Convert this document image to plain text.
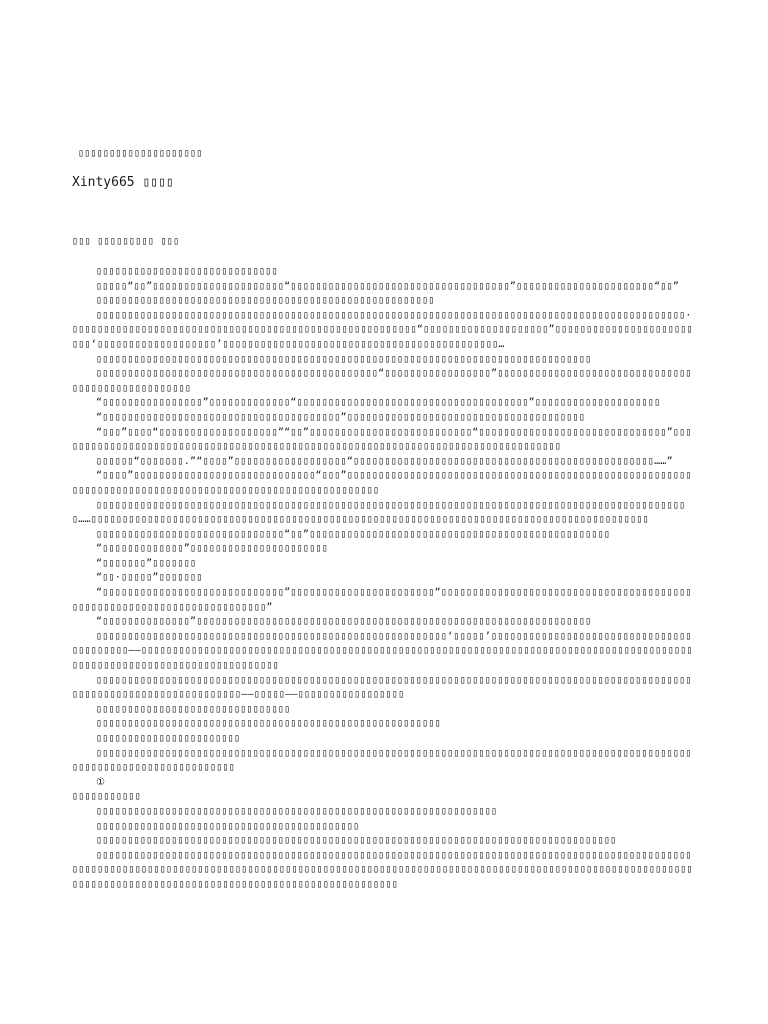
▯▯▯▯▯▯▯▯▯▯▯▯▯▯▯▯▯▯▯▯
Xinty665 ▯▯▯▯
▯▯▯ ▯▯▯▯▯▯▯▯▯ ▯▯▯

▯▯▯▯▯▯▯▯▯▯▯▯▯▯▯▯▯▯▯▯▯▯▯▯▯▯▯▯▯

▯▯▯▯▯“▯▯”▯▯▯▯▯▯▯▯▯▯▯▯▯▯▯▯▯▯▯▯▯“▯▯▯▯▯▯▯▯▯▯▯▯▯▯▯▯▯▯▯▯▯▯▯▯▯▯▯▯▯▯▯▯▯▯▯”▯▯▯▯▯▯▯▯▯▯▯▯▯▯▯▯▯▯▯▯▯▯“▯▯”

▯▯▯▯▯▯▯▯▯▯▯▯▯▯▯▯▯▯▯▯▯▯▯▯▯▯▯▯▯▯▯▯▯▯▯▯▯▯▯▯▯▯▯▯▯▯▯▯▯▯▯▯▯▯

▯▯▯▯▯▯▯▯▯▯▯▯▯▯▯▯▯▯▯▯▯▯▯▯▯▯▯▯▯▯▯▯▯▯▯▯▯▯▯▯▯▯▯▯▯▯▯▯▯▯▯▯▯▯▯▯▯▯▯▯▯▯▯▯▯▯▯▯▯▯▯▯▯▯▯▯▯▯▯▯▯▯▯▯▯▯▯▯▯▯▯▯▯▯·▯▯▯▯▯▯▯▯▯▯▯▯▯▯▯▯▯▯▯▯▯▯▯▯▯▯▯▯▯▯▯▯▯▯▯▯▯▯▯▯▯▯▯▯▯▯▯▯▯▯▯▯▯▯▯“▯▯▯▯▯▯▯▯▯▯▯▯▯▯▯▯▯▯▯▯”▯▯▯▯▯▯▯▯▯▯▯▯▯▯▯▯▯▯▯▯▯▯▯▯▯‘▯▯▯▯▯▯▯▯▯▯▯▯▯▯▯▯▯▯▯’▯▯▯▯▯▯▯▯▯▯▯▯▯▯▯▯▯▯▯▯▯▯▯▯▯▯▯▯▯▯▯▯▯▯▯▯▯▯▯▯▯▯▯▯…

▯▯▯▯▯▯▯▯▯▯▯▯▯▯▯▯▯▯▯▯▯▯▯▯▯▯▯▯▯▯▯▯▯▯▯▯▯▯▯▯▯▯▯▯▯▯▯▯▯▯▯▯▯▯▯▯▯▯▯▯▯▯▯▯▯▯▯▯▯▯▯▯▯▯▯▯▯▯▯

▯▯▯▯▯▯▯▯▯▯▯▯▯▯▯▯▯▯▯▯▯▯▯▯▯▯▯▯▯▯▯▯▯▯▯▯▯▯▯▯▯▯▯▯▯“▯▯▯▯▯▯▯▯▯▯▯▯▯▯▯▯▯”▯▯▯▯▯▯▯▯▯▯▯▯▯▯▯▯▯▯▯▯▯▯▯▯▯▯▯▯▯▯▯▯▯▯▯▯▯▯▯▯▯▯▯▯▯▯▯▯▯▯

“▯▯▯▯▯▯▯▯▯▯▯▯▯▯▯▯”▯▯▯▯▯▯▯▯▯▯▯▯▯“▯▯▯▯▯▯▯▯▯▯▯▯▯▯▯▯▯▯▯▯▯▯▯▯▯▯▯▯▯▯▯▯▯▯▯▯▯”▯▯▯▯▯▯▯▯▯▯▯▯▯▯▯▯▯▯▯▯

“▯▯▯▯▯▯▯▯▯▯▯▯▯▯▯▯▯▯▯▯▯▯▯▯▯▯▯▯▯▯▯▯▯▯▯▯▯▯”▯▯▯▯▯▯▯▯▯▯▯▯▯▯▯▯▯▯▯▯▯▯▯▯▯▯▯▯▯▯▯▯▯▯▯▯▯▯

“▯▯▯”▯▯▯▯“▯▯▯▯▯▯▯▯▯▯▯▯▯▯▯▯▯▯▯”“▯▯”▯▯▯▯▯▯▯▯▯▯▯▯▯▯▯▯▯▯▯▯▯▯▯▯▯▯“▯▯▯▯▯▯▯▯▯▯▯▯▯▯▯▯▯▯▯▯▯▯▯▯▯▯▯▯▯▯”▯▯▯▯▯▯▯▯▯▯▯▯▯▯▯▯▯▯▯▯▯▯▯▯▯▯▯▯▯▯▯▯▯▯▯▯▯▯▯▯▯▯▯▯▯▯▯▯▯▯▯▯▯▯▯▯▯▯▯▯▯▯▯▯▯▯▯▯▯▯▯▯▯▯▯▯▯▯▯▯▯

▯▯▯▯▯▯“▯▯▯▯▯▯▯.”“▯▯▯▯”▯▯▯▯▯▯▯▯▯▯▯▯▯▯▯▯▯▯“▯▯▯▯▯▯▯▯▯▯▯▯▯▯▯▯▯▯▯▯▯▯▯▯▯▯▯▯▯▯▯▯▯▯▯▯▯▯▯▯▯▯▯▯▯▯▯▯……”

“▯▯▯▯”▯▯▯▯▯▯▯▯▯▯▯▯▯▯▯▯▯▯▯▯▯▯▯▯▯▯▯▯▯“▯▯▯”▯▯▯▯▯▯▯▯▯▯▯▯▯▯▯▯▯▯▯▯▯▯▯▯▯▯▯▯▯▯▯▯▯▯▯▯▯▯▯▯▯▯▯▯▯▯▯▯▯▯▯▯▯▯▯▯▯▯▯▯▯▯▯▯▯▯▯▯▯▯▯▯▯▯▯▯▯▯▯▯▯▯▯▯▯▯▯▯▯▯▯▯▯▯▯▯▯▯▯▯▯▯▯▯

▯▯▯▯▯▯▯▯▯▯▯▯▯▯▯▯▯▯▯▯▯▯▯▯▯▯▯▯▯▯▯▯▯▯▯▯▯▯▯▯▯▯▯▯▯▯▯▯▯▯▯▯▯▯▯▯▯▯▯▯▯▯▯▯▯▯▯▯▯▯▯▯▯▯▯▯▯▯▯▯▯▯▯▯▯▯▯▯▯▯▯▯▯▯▯……▯▯▯▯▯▯▯▯▯▯▯▯▯▯▯▯▯▯▯▯▯▯▯▯▯▯▯▯▯▯▯▯▯▯▯▯▯▯▯▯▯▯▯▯▯▯▯▯▯▯▯▯▯▯▯▯▯▯▯▯▯▯▯▯▯▯▯▯▯▯▯▯▯▯▯▯▯▯▯▯▯▯▯▯▯▯▯▯▯

▯▯▯▯▯▯▯▯▯▯▯▯▯▯▯▯▯▯▯▯▯▯▯▯▯▯▯▯▯▯“▯▯”▯▯▯▯▯▯▯▯▯▯▯▯▯▯▯▯▯▯▯▯▯▯▯▯▯▯▯▯▯▯▯▯▯▯▯▯▯▯▯▯▯▯▯▯▯▯▯▯

“▯▯▯▯▯▯▯▯▯▯▯▯▯”▯▯▯▯▯▯▯▯▯▯▯▯▯▯▯▯▯▯▯▯▯▯

“▯▯▯▯▯▯▯”▯▯▯▯▯▯▯

“▯▯·▯▯▯▯▯”▯▯▯▯▯▯▯

“▯▯▯▯▯▯▯▯▯▯▯▯▯▯▯▯▯▯▯▯▯▯▯▯▯▯▯▯▯”▯▯▯▯▯▯▯▯▯▯▯▯▯▯▯▯▯▯▯▯▯▯▯“▯▯▯▯▯▯▯▯▯▯▯▯▯▯▯▯▯▯▯▯▯▯▯▯▯▯▯▯▯▯▯▯▯▯▯▯▯▯▯▯▯▯▯▯▯▯▯▯▯▯▯▯▯▯▯▯▯▯▯▯▯▯▯▯▯▯▯▯▯▯▯”

“▯▯▯▯▯▯▯▯▯▯▯▯▯▯”▯▯▯▯▯▯▯▯▯▯▯▯▯▯▯▯▯▯▯▯▯▯▯▯▯▯▯▯▯▯▯▯▯▯▯▯▯▯▯▯▯▯▯▯▯▯▯▯▯▯▯▯▯▯▯▯▯▯▯▯▯▯▯

▯▯▯▯▯▯▯▯▯▯▯▯▯▯▯▯▯▯▯▯▯▯▯▯▯▯▯▯▯▯▯▯▯▯▯▯▯▯▯▯▯▯▯▯▯▯▯▯▯▯▯▯▯▯▯▯‘▯▯▯▯▯’▯▯▯▯▯▯▯▯▯▯▯▯▯▯▯▯▯▯▯▯▯▯▯▯▯▯▯▯▯▯▯▯▯▯▯▯▯▯▯▯▯——▯▯▯▯▯▯▯▯▯▯▯▯▯▯▯▯▯▯▯▯▯▯▯▯▯▯▯▯▯▯▯▯▯▯▯▯▯▯▯▯▯▯▯▯▯▯▯▯▯▯▯▯▯▯▯▯▯▯▯▯▯▯▯▯▯▯▯▯▯▯▯▯▯▯▯▯▯▯▯▯▯▯▯▯▯▯▯▯▯▯▯▯▯▯▯▯▯▯▯▯▯▯▯▯▯▯▯▯▯▯▯▯▯▯▯▯▯▯▯▯▯

▯▯▯▯▯▯▯▯▯▯▯▯▯▯▯▯▯▯▯▯▯▯▯▯▯▯▯▯▯▯▯▯▯▯▯▯▯▯▯▯▯▯▯▯▯▯▯▯▯▯▯▯▯▯▯▯▯▯▯▯▯▯▯▯▯▯▯▯▯▯▯▯▯▯▯▯▯▯▯▯▯▯▯▯▯▯▯▯▯▯▯▯▯▯▯▯▯▯▯▯▯▯▯▯▯▯▯▯▯▯▯▯▯▯▯▯▯▯▯▯▯▯——▯▯▯▯▯——▯▯▯▯▯▯▯▯▯▯▯▯▯▯▯▯▯

▯▯▯▯▯▯▯▯▯▯▯▯▯▯▯▯▯▯▯▯▯▯▯▯▯▯▯▯▯▯▯

▯▯▯▯▯▯▯▯▯▯▯▯▯▯▯▯▯▯▯▯▯▯▯▯▯▯▯▯▯▯▯▯▯▯▯▯▯▯▯▯▯▯▯▯▯▯▯▯▯▯▯▯▯▯▯

▯▯▯▯▯▯▯▯▯▯▯▯▯▯▯▯▯▯▯▯▯▯▯

▯▯▯▯▯▯▯▯▯▯▯▯▯▯▯▯▯▯▯▯▯▯▯▯▯▯▯▯▯▯▯▯▯▯▯▯▯▯▯▯▯▯▯▯▯▯▯▯▯▯▯▯▯▯▯▯▯▯▯▯▯▯▯▯▯▯▯▯▯▯▯▯▯▯▯▯▯▯▯▯▯▯▯▯▯▯▯▯▯▯▯▯▯▯▯▯▯▯▯▯▯▯▯▯▯▯▯▯▯▯▯▯▯▯▯▯▯▯▯▯▯

①

▯▯▯▯▯▯▯▯▯▯▯

▯▯▯▯▯▯▯▯▯▯▯▯▯▯▯▯▯▯▯▯▯▯▯▯▯▯▯▯▯▯▯▯▯▯▯▯▯▯▯▯▯▯▯▯▯▯▯▯▯▯▯▯▯▯▯▯▯▯▯▯▯▯▯▯

▯▯▯▯▯▯▯▯▯▯▯▯▯▯▯▯▯▯▯▯▯▯▯▯▯▯▯▯▯▯▯▯▯▯▯▯▯▯▯▯▯▯

▯▯▯▯▯▯▯▯▯▯▯▯▯▯▯▯▯▯▯▯▯▯▯▯▯▯▯▯▯▯▯▯▯▯▯▯▯▯▯▯▯▯▯▯▯▯▯▯▯▯▯▯▯▯▯▯▯▯▯▯▯▯▯▯▯▯▯▯▯▯▯▯▯▯▯▯▯▯▯▯▯▯▯

▯▯▯▯▯▯▯▯▯▯▯▯▯▯▯▯▯▯▯▯▯▯▯▯▯▯▯▯▯▯▯▯▯▯▯▯▯▯▯▯▯▯▯▯▯▯▯▯▯▯▯▯▯▯▯▯▯▯▯▯▯▯▯▯▯▯▯▯▯▯▯▯▯▯▯▯▯▯▯▯▯▯▯▯▯▯▯▯▯▯▯▯▯▯▯▯▯▯▯▯▯▯▯▯▯▯▯▯▯▯▯▯▯▯▯▯▯▯▯▯▯▯▯▯▯▯▯▯▯▯▯▯▯▯▯▯▯▯▯▯▯▯▯▯▯▯▯▯▯▯▯▯▯▯▯▯▯▯▯▯▯▯▯▯▯▯▯▯▯▯▯▯▯▯▯▯▯▯▯▯▯▯▯▯▯▯▯▯▯▯▯▯▯▯▯▯▯▯▯▯▯▯▯▯▯▯▯▯▯▯▯▯▯▯▯▯▯▯▯▯▯▯▯▯▯▯▯▯▯▯▯▯▯▯▯▯▯▯▯▯▯▯▯▯▯▯
